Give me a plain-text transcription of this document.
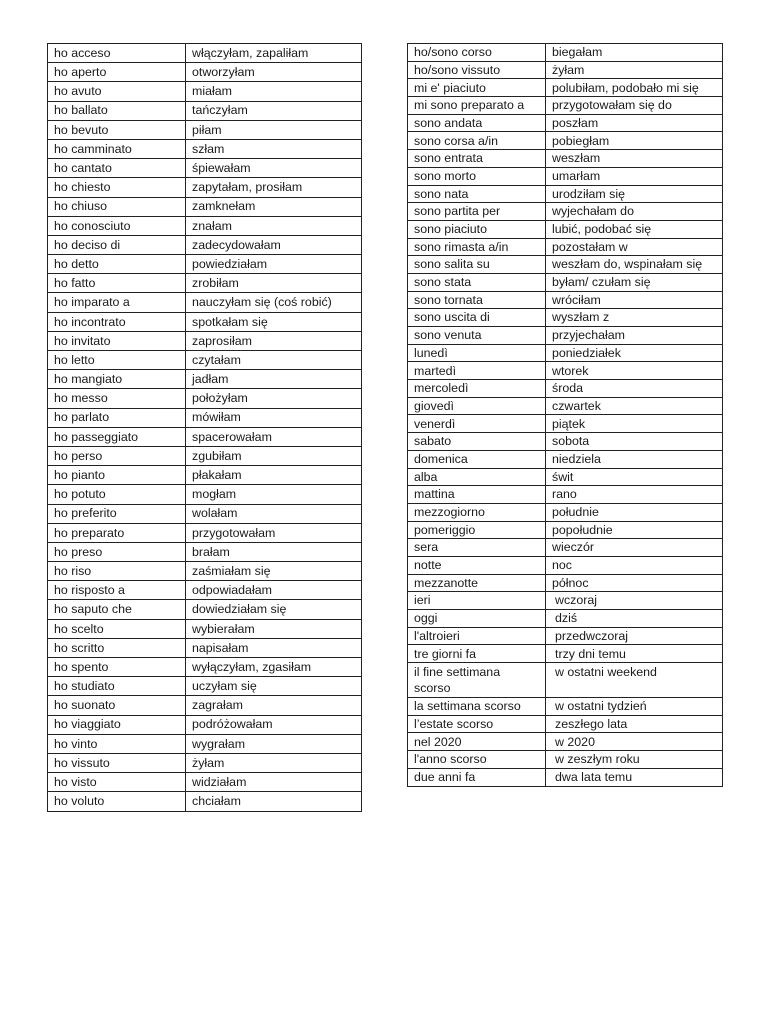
ho acceso	włączyłam, zapaliłam
ho aperto	otworzyłam
ho avuto	miałam
ho ballato	tańczyłam
ho bevuto	piłam
ho camminato	szłam
ho cantato	śpiewałam
ho chiesto	zapytałam, prosiłam
ho chiuso	zamknełam
ho conosciuto	znałam
ho deciso di	zadecydowałam
ho detto	powiedziałam
ho fatto	zrobiłam
ho imparato a	nauczyłam się (coś robić)
ho incontrato	spotkałam się
ho invitato	zaprosiłam
ho letto	czytałam
ho mangiato	jadłam
ho messo	położyłam
ho parlato	mówiłam
ho passeggiato	spacerowałam
ho perso	zgubiłam
ho pianto	płakałam
ho potuto	mogłam
ho preferito	wolałam
ho preparato	przygotowałam
ho preso	brałam
ho riso	zaśmiałam się
ho risposto a	odpowiadałam
ho saputo che	dowiedziałam się
ho scelto	wybierałam
ho scritto	napisałam
ho spento	wyłączyłam, zgasiłam
ho studiato	uczyłam się
ho suonato	zagrałam
ho viaggiato	podróżowałam
ho vinto	wygrałam
ho vissuto	żyłam
ho visto	widziałam
ho voluto	chciałam
ho/sono corso	biegałam
ho/sono vissuto	żyłam
mi e' piaciuto	polubiłam, podobało mi się
mi sono preparato a	przygotowałam się do
sono andata	poszłam
sono corsa a/in	pobiegłam
sono entrata	weszłam
sono morto	umarłam
sono nata	urodziłam się
sono partita per	wyjechałam do
sono piaciuto	lubić, podobać się
sono rimasta a/in	pozostałam w
sono salita su	weszłam do, wspinałam się
sono stata	byłam/ czułam się
sono tornata	wróciłam
sono uscita di	wyszłam z
sono venuta	przyjechałam
lunedì	poniedziałek
martedì	wtorek
mercoledì	środa
giovedì	czwartek
venerdì	piątek
sabato	sobota
domenica	niedziela
alba	świt
mattina	rano
mezzogiorno	południe
pomeriggio	popołudnie
sera	wieczór
notte	noc
mezzanotte	północ
ieri	wczoraj
oggi	dziś
l'altroieri	przedwczoraj
tre giorni fa	trzy dni temu
il fine settimana scorso	w ostatni weekend
la settimana scorso	w ostatni tydzień
l’estate scorso	zeszłego lata
nel 2020	w 2020
l'anno scorso	w zeszłym roku
due anni fa	dwa lata temu
